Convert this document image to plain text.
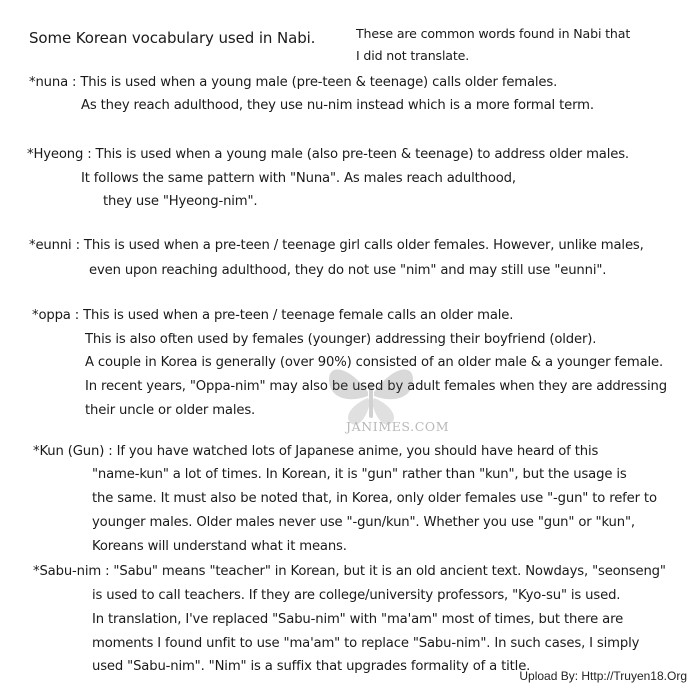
Some Korean vocabulary used in Nabi.	These are common words found in Nabi that
I did not translate.
*nuna : This is used when a young male (pre-teen & teenage) calls older females.
As they reach adulthood, they use nu-nim instead which is a more formal term.
*Hyeong : This is used when a young male (also pre-teen & teenage) to address older males.
It follows the same pattern with "Nuna". As males reach adulthood,
they use "Hyeong-nim".
*eunni : This is used when a pre-teen / teenage girl calls older females. However, unlike males,
even upon reaching adulthood, they do not use "nim" and may still use "eunni".
*oppa : This is used when a pre-teen / teenage female calls an older male.
This is also often used by females (younger) addressing their boyfriend (older).
A couple in Korea is generally (over 90%) consisted of an older male & a younger female.
In recent years, "Oppa-nim" may also be used by adult females when they are addressing
their uncle or older males.
*Kun (Gun) : If you have watched lots of Japanese anime, you should have heard of this
"name-kun" a lot of times. In Korean, it is "gun" rather than "kun", but the usage is
the same. It must also be noted that, in Korea, only older females use "-gun" to refer to
younger males. Older males never use "-gun/kun". Whether you use "gun" or "kun",
Koreans will understand what it means.
*Sabu-nim : "Sabu" means "teacher" in Korean, but it is an old ancient text. Nowdays, "seonseng"
is used to call teachers. If they are college/university professors, "Kyo-su" is used.
In translation, I've replaced "Sabu-nim" with "ma'am" most of times, but there are
moments I found unfit to use "ma'am" to replace "Sabu-nim". In such cases, I simply
used "Sabu-nim". "Nim" is a suffix that upgrades formality of a title.
JANIMES.COM
Upload By: Http://Truyen18.Org
